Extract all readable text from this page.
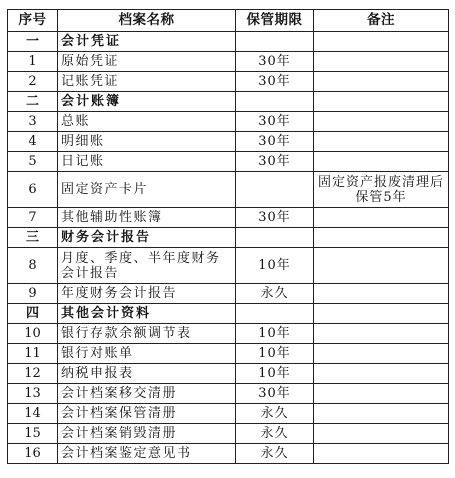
序号	档案名称	保管期限	备注
一	会计凭证		
1	原始凭证	30年	
2	记账凭证	30年	
二	会计账簿		
3	总账	30年	
4	明细账	30年	
5	日记账	30年	
6	固定资产卡片		固定资产报废清理后保管5年
7	其他辅助性账簿	30年	
三	财务会计报告		
8	月度、季度、半年度财务会计报告	10年	
9	年度财务会计报告	永久	
四	其他会计资料		
10	银行存款余额调节表	10年	
11	银行对账单	10年	
12	纳税申报表	10年	
13	会计档案移交清册	30年	
14	会计档案保管清册	永久	
15	会计档案销毁清册	永久	
16	会计档案鉴定意见书	永久	
